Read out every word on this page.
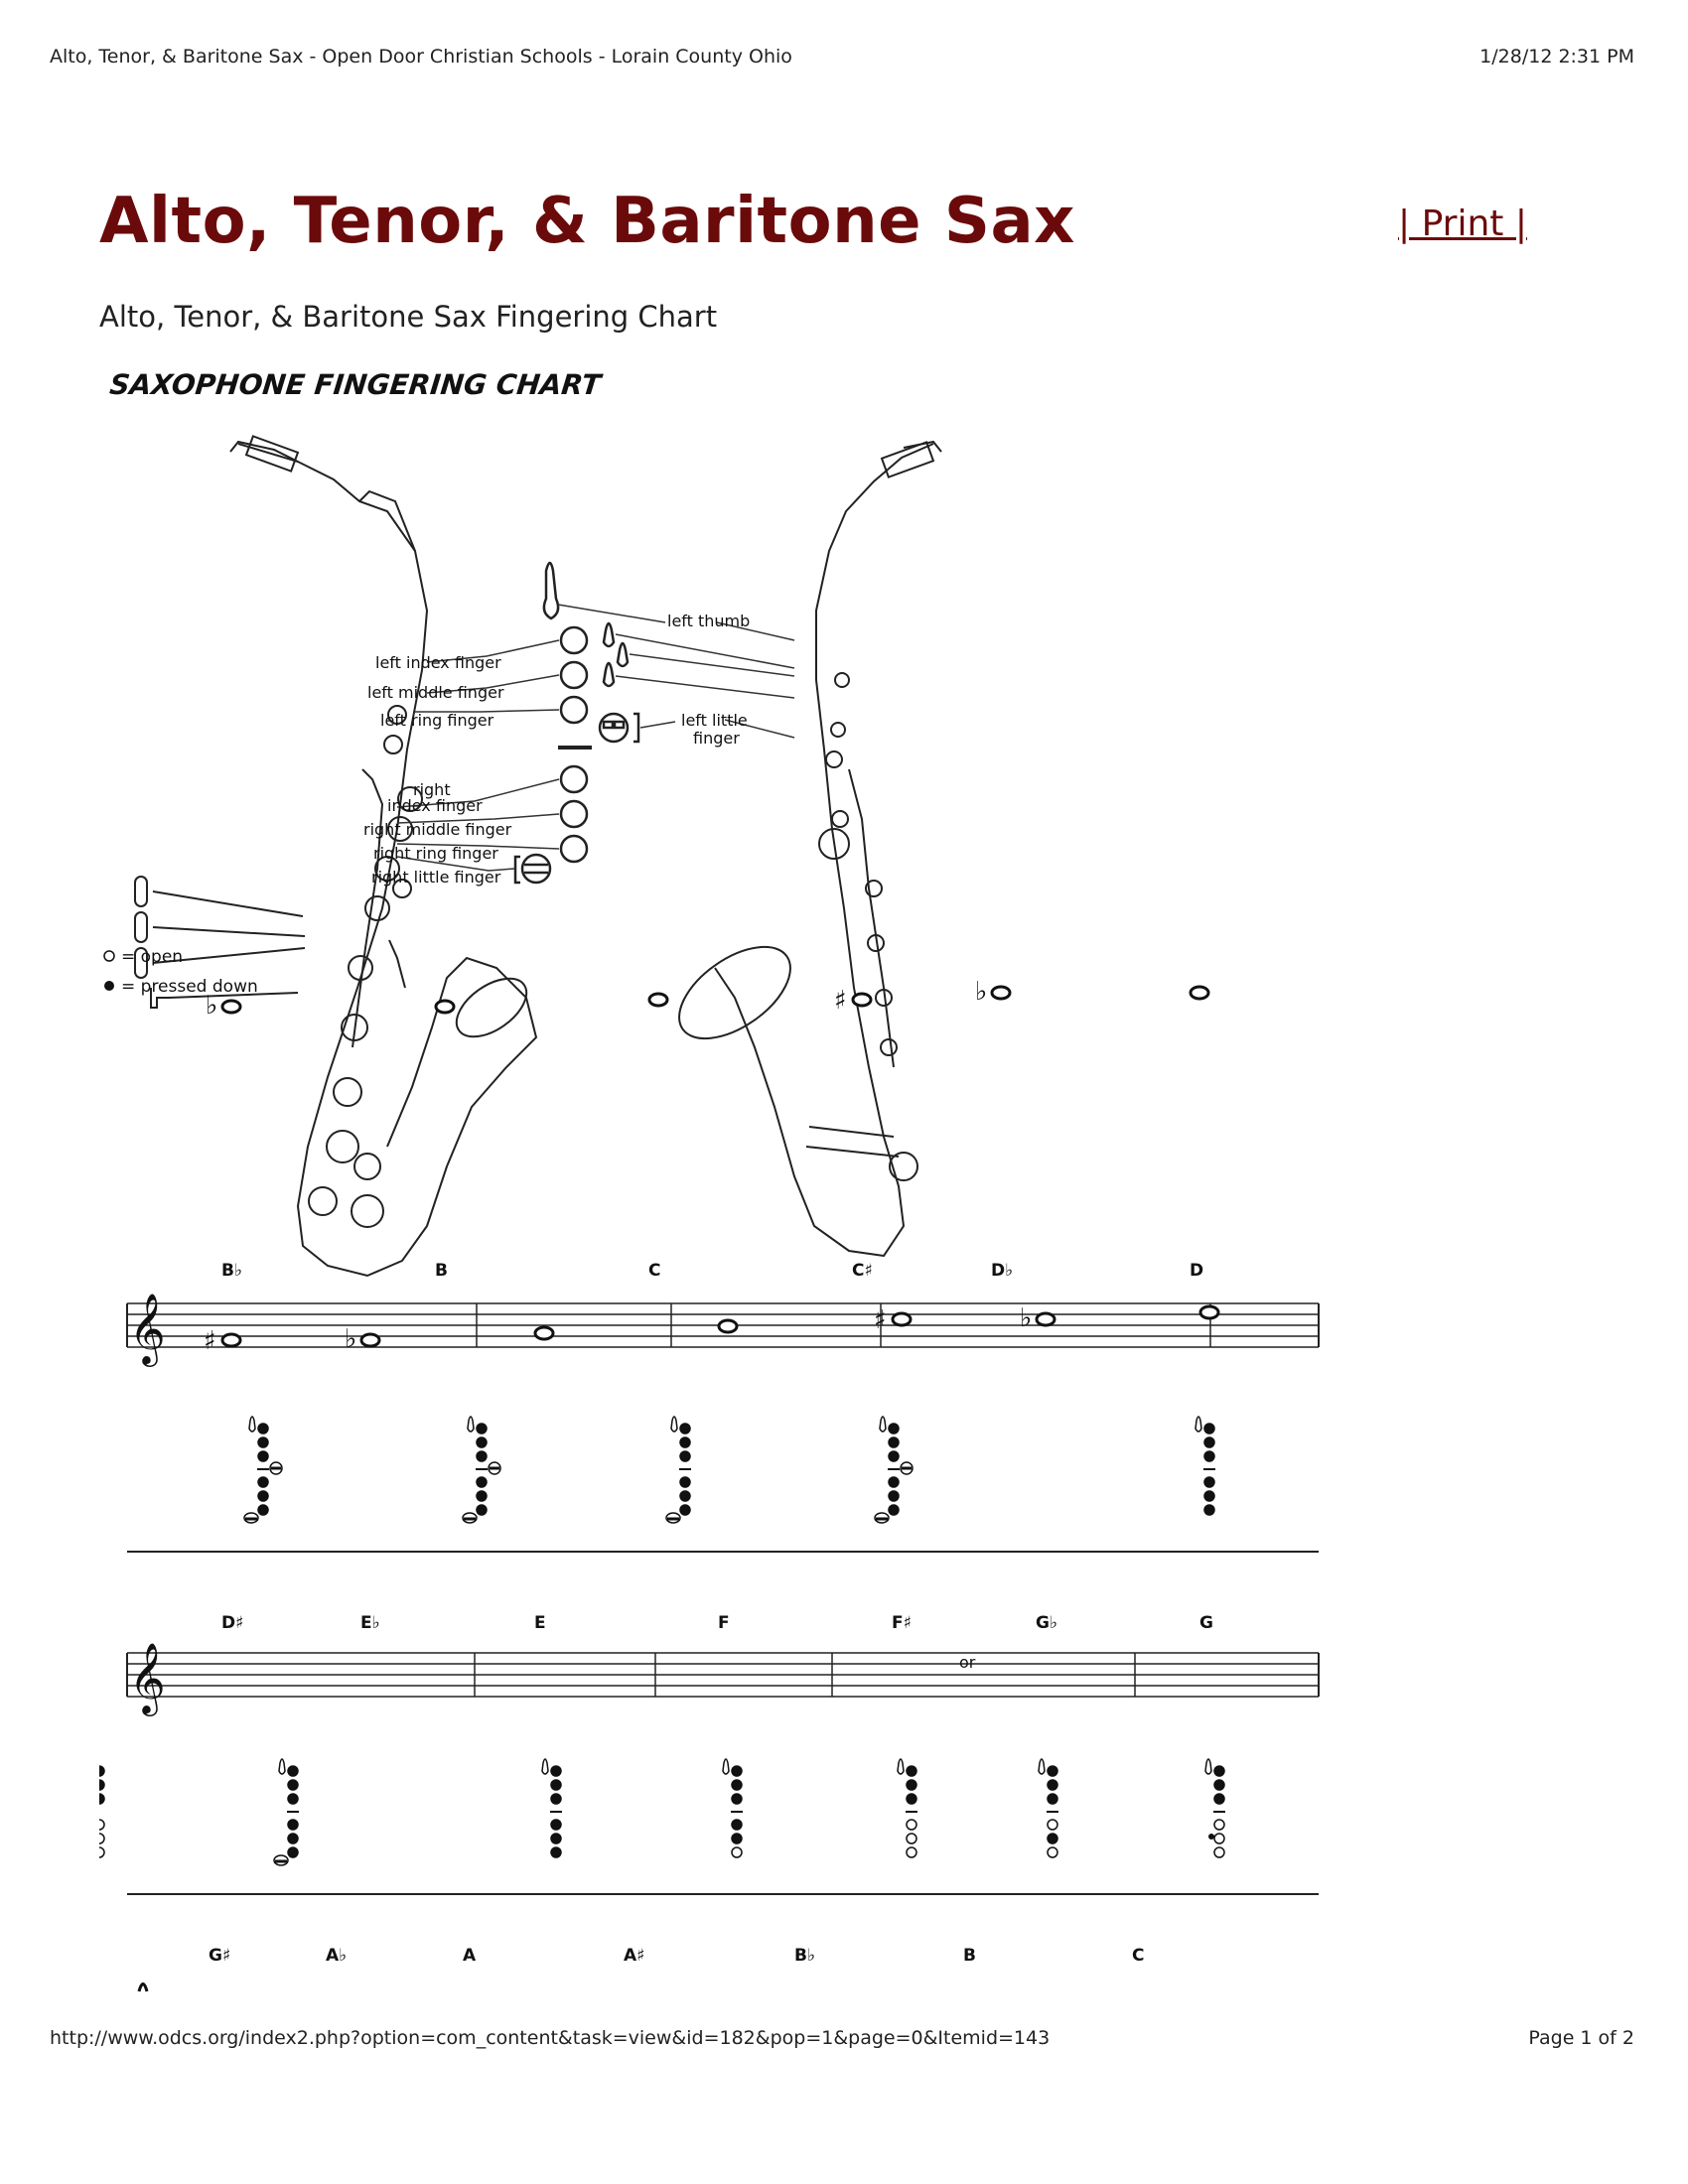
Alto, Tenor, & Baritone Sax - Open Door Christian Schools - Lorain County Ohio	1/28/12 2:31 PM
Alto, Tenor, & Baritone Sax	| Print |
Alto, Tenor, & Baritone Sax Fingering Chart
SAXOPHONE FINGERING CHART
left thumb
left index finger
left middle finger
left ring finger	left little
finger
right
index finger
right middle finger
right ring finger
right little finger
= open
= pressed down
𝄞
B♭
♭
B	C	C♯
♯
D♭
♭
D
𝄞
D♯
♯
E♭
♭
E	F	F♯
♯
G♭
♭
G
G♯	A♭	A	A♯	B♭	B	C
or
http://www.odcs.org/index2.php?option=com_content&task=view&id=182&pop=1&page=0&Itemid=143	Page 1 of 2
